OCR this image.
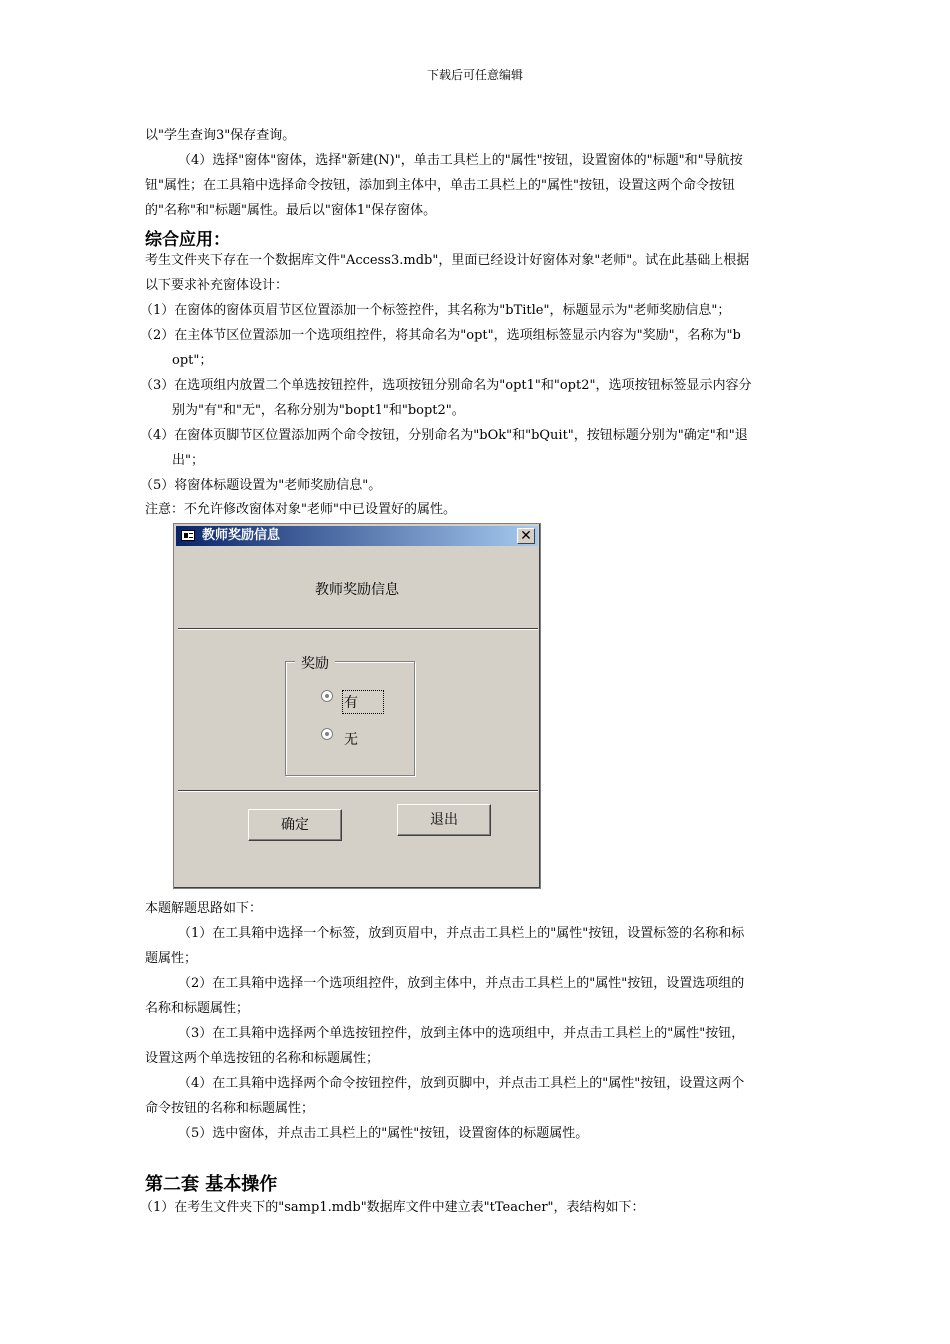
下载后可任意编辑
以"学生查询3"保存查询。
（4）选择"窗体"窗体，选择"新建(N)"，单击工具栏上的"属性"按钮，设置窗体的"标题"和"导航按
钮"属性；在工具箱中选择命令按钮，添加到主体中，单击工具栏上的"属性"按钮，设置这两个命令按钮
的"名称"和"标题"属性。最后以"窗体1"保存窗体。
综合应用：
考生文件夹下存在一个数据库文件"Access3.mdb"，里面已经设计好窗体对象"老师"。试在此基础上根据
以下要求补充窗体设计：
（1）在窗体的窗体页眉节区位置添加一个标签控件，其名称为"bTitle"，标题显示为"老师奖励信息"；
（2）在主体节区位置添加一个选项组控件，将其命名为"opt"，选项组标签显示内容为"奖励"，名称为"b
opt"；
（3）在选项组内放置二个单选按钮控件，选项按钮分别命名为"opt1"和"opt2"，选项按钮标签显示内容分
别为"有"和"无"，名称分别为"bopt1"和"bopt2"。
（4）在窗体页脚节区位置添加两个命令按钮，分别命名为"bOk"和"bQuit"，按钮标题分别为"确定"和"退
出"；
（5）将窗体标题设置为"老师奖励信息"。
注意：不允许修改窗体对象"老师"中已设置好的属性。
教师奖励信息	✕
教师奖励信息
奖励
有
无
确定	退出
本题解题思路如下：
（1）在工具箱中选择一个标签，放到页眉中，并点击工具栏上的"属性"按钮，设置标签的名称和标
题属性；
（2）在工具箱中选择一个选项组控件，放到主体中，并点击工具栏上的"属性"按钮，设置选项组的
名称和标题属性；
（3）在工具箱中选择两个单选按钮控件，放到主体中的选项组中，并点击工具栏上的"属性"按钮，
设置这两个单选按钮的名称和标题属性；
（4）在工具箱中选择两个命令按钮控件，放到页脚中，并点击工具栏上的"属性"按钮，设置这两个
命令按钮的名称和标题属性；
（5）选中窗体，并点击工具栏上的"属性"按钮，设置窗体的标题属性。
第二套 基本操作
（1）在考生文件夹下的"samp1.mdb"数据库文件中建立表"tTeacher"，表结构如下：
